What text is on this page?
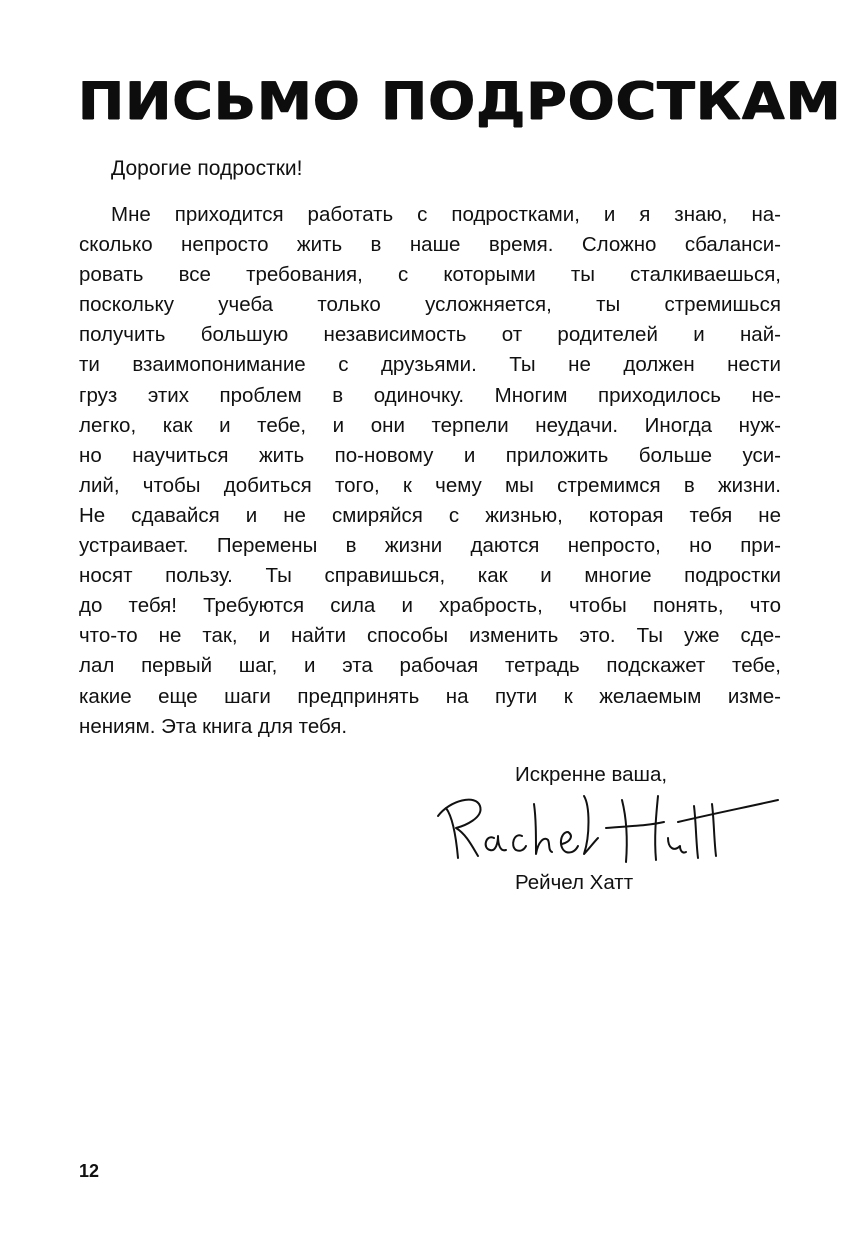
ПИСЬМО ПОДРОСТКАМ

Дорогие подростки!

Мне приходится работать с подростками, и я знаю, на-
сколько непросто жить в наше время. Сложно сбаланси-
ровать все требования, с которыми ты сталкиваешься,
поскольку учеба только усложняется, ты стремишься
получить большую независимость от родителей и най-
ти взаимопонимание с друзьями. Ты не должен нести
груз этих проблем в одиночку. Многим приходилось не-
легко, как и тебе, и они терпели неудачи. Иногда нуж-
но научиться жить по-новому и приложить больше уси-
лий, чтобы добиться того, к чему мы стремимся в жизни.
Не сдавайся и не смиряйся с жизнью, которая тебя не
устраивает. Перемены в жизни даются непросто, но при-
носят пользу. Ты справишься, как и многие подростки
до тебя! Требуются сила и храбрость, чтобы понять, что
что-то не так, и найти способы изменить это. Ты уже сде-
лал первый шаг, и эта рабочая тетрадь подскажет тебе,
какие еще шаги предпринять на пути к желаемым изме-
нениям. Эта книга для тебя.

Искренне ваша,

Рейчел Хатт

12
